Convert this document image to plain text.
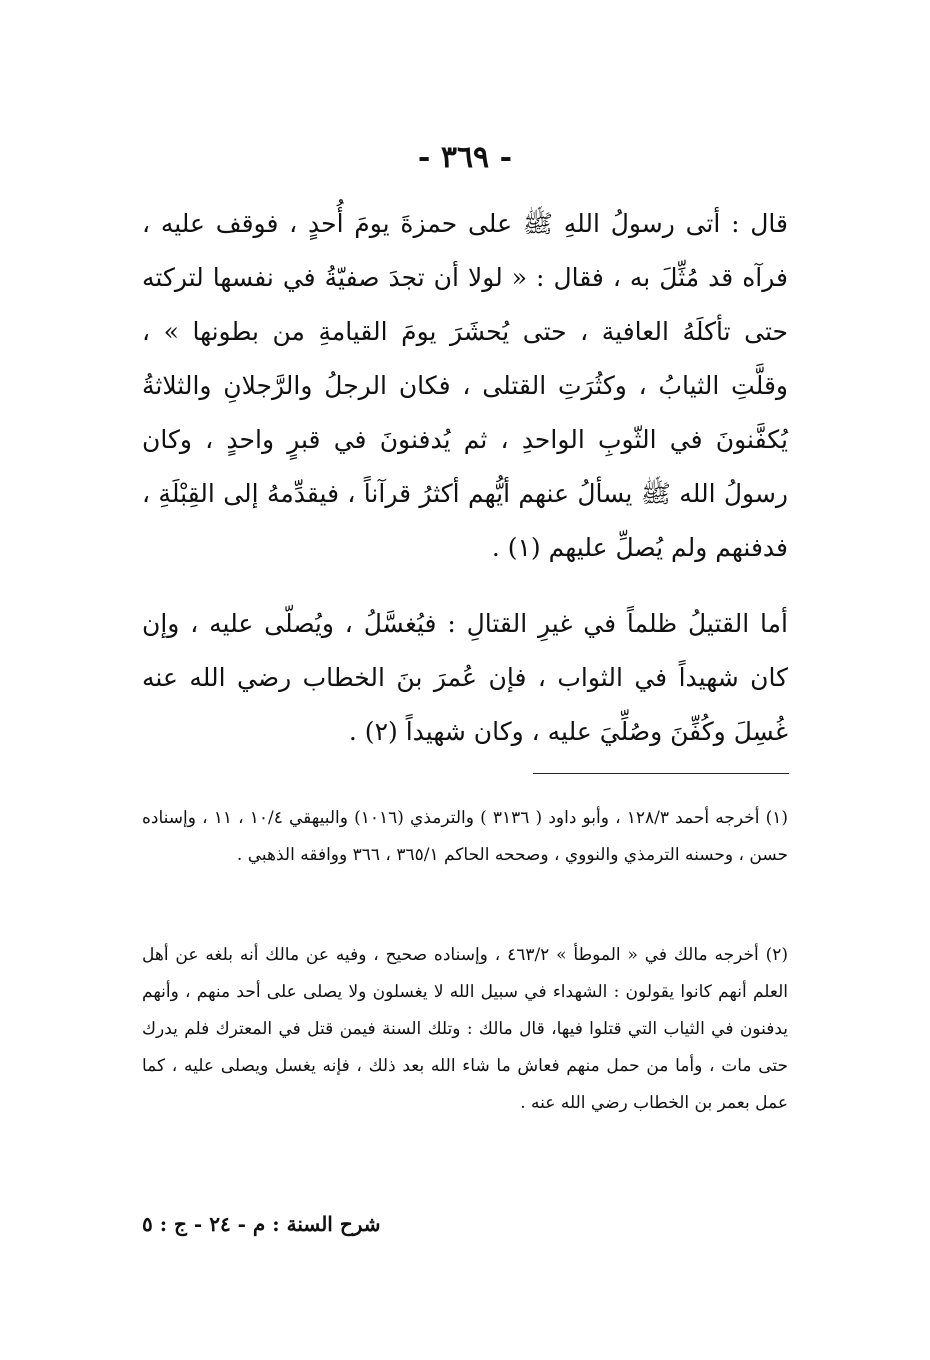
- ٣٦٩ -

قال : أتى رسولُ اللهِ ﷺ على حمزةَ يومَ أُحدٍ ، فوقف عليه ، فرآه قد مُثِّلَ به ، فقال : « لولا أن تجدَ صفيّةُ في نفسها لتركته حتى تأكلَهُ العافية ، حتى يُحشَرَ يومَ القيامةِ من بطونها » ، وقلَّتِ الثيابُ ، وكثُرَتِ القتلى ، فكان الرجلُ والرَّجلانِ والثلاثةُ يُكفَّنونَ في الثّوبِ الواحدِ ، ثم يُدفنونَ في قبرٍ واحدٍ ، وكان رسولُ الله ﷺ يسألُ عنهم أيُّهم أكثرُ قرآناً ، فيقدِّمهُ إلى القِبْلَةِ ، فدفنهم ولم يُصلِّ عليهم (١) .

أما القتيلُ ظلماً في غيرِ القتالِ : فيُغسَّلُ ، ويُصلّى عليه ، وإن كان شهيداً في الثواب ، فإن عُمرَ بنَ الخطاب رضي الله عنه غُسِلَ وكُفِّنَ وصُلِّيَ عليه ، وكان شهيداً (٢) .

(١) أخرجه أحمد ١٢٨/٣ ، وأبو داود ( ٣١٣٦ ) والترمذي (١٠١٦) والبيهقي ١٠/٤ ، ١١ ، وإسناده حسن ، وحسنه الترمذي والنووي ، وصححه الحاكم ٣٦٥/١ ، ٣٦٦ ووافقه الذهبي .

(٢) أخرجه مالك في « الموطأ » ٤٦٣/٢ ، وإسناده صحيح ، وفيه عن مالك أنه بلغه عن أهل العلم أنهم كانوا يقولون : الشهداء في سبيل الله لا يغسلون ولا يصلى على أحد منهم ، وأنهم يدفنون في الثياب التي قتلوا فيها، قال مالك : وتلك السنة فيمن قتل في المعترك فلم يدرك حتى مات ، وأما من حمل منهم فعاش ما شاء الله بعد ذلك ، فإنه يغسل ويصلى عليه ، كما عمل بعمر بن الخطاب رضي الله عنه .

شرح السنة : م - ٢٤ - ج : ٥
